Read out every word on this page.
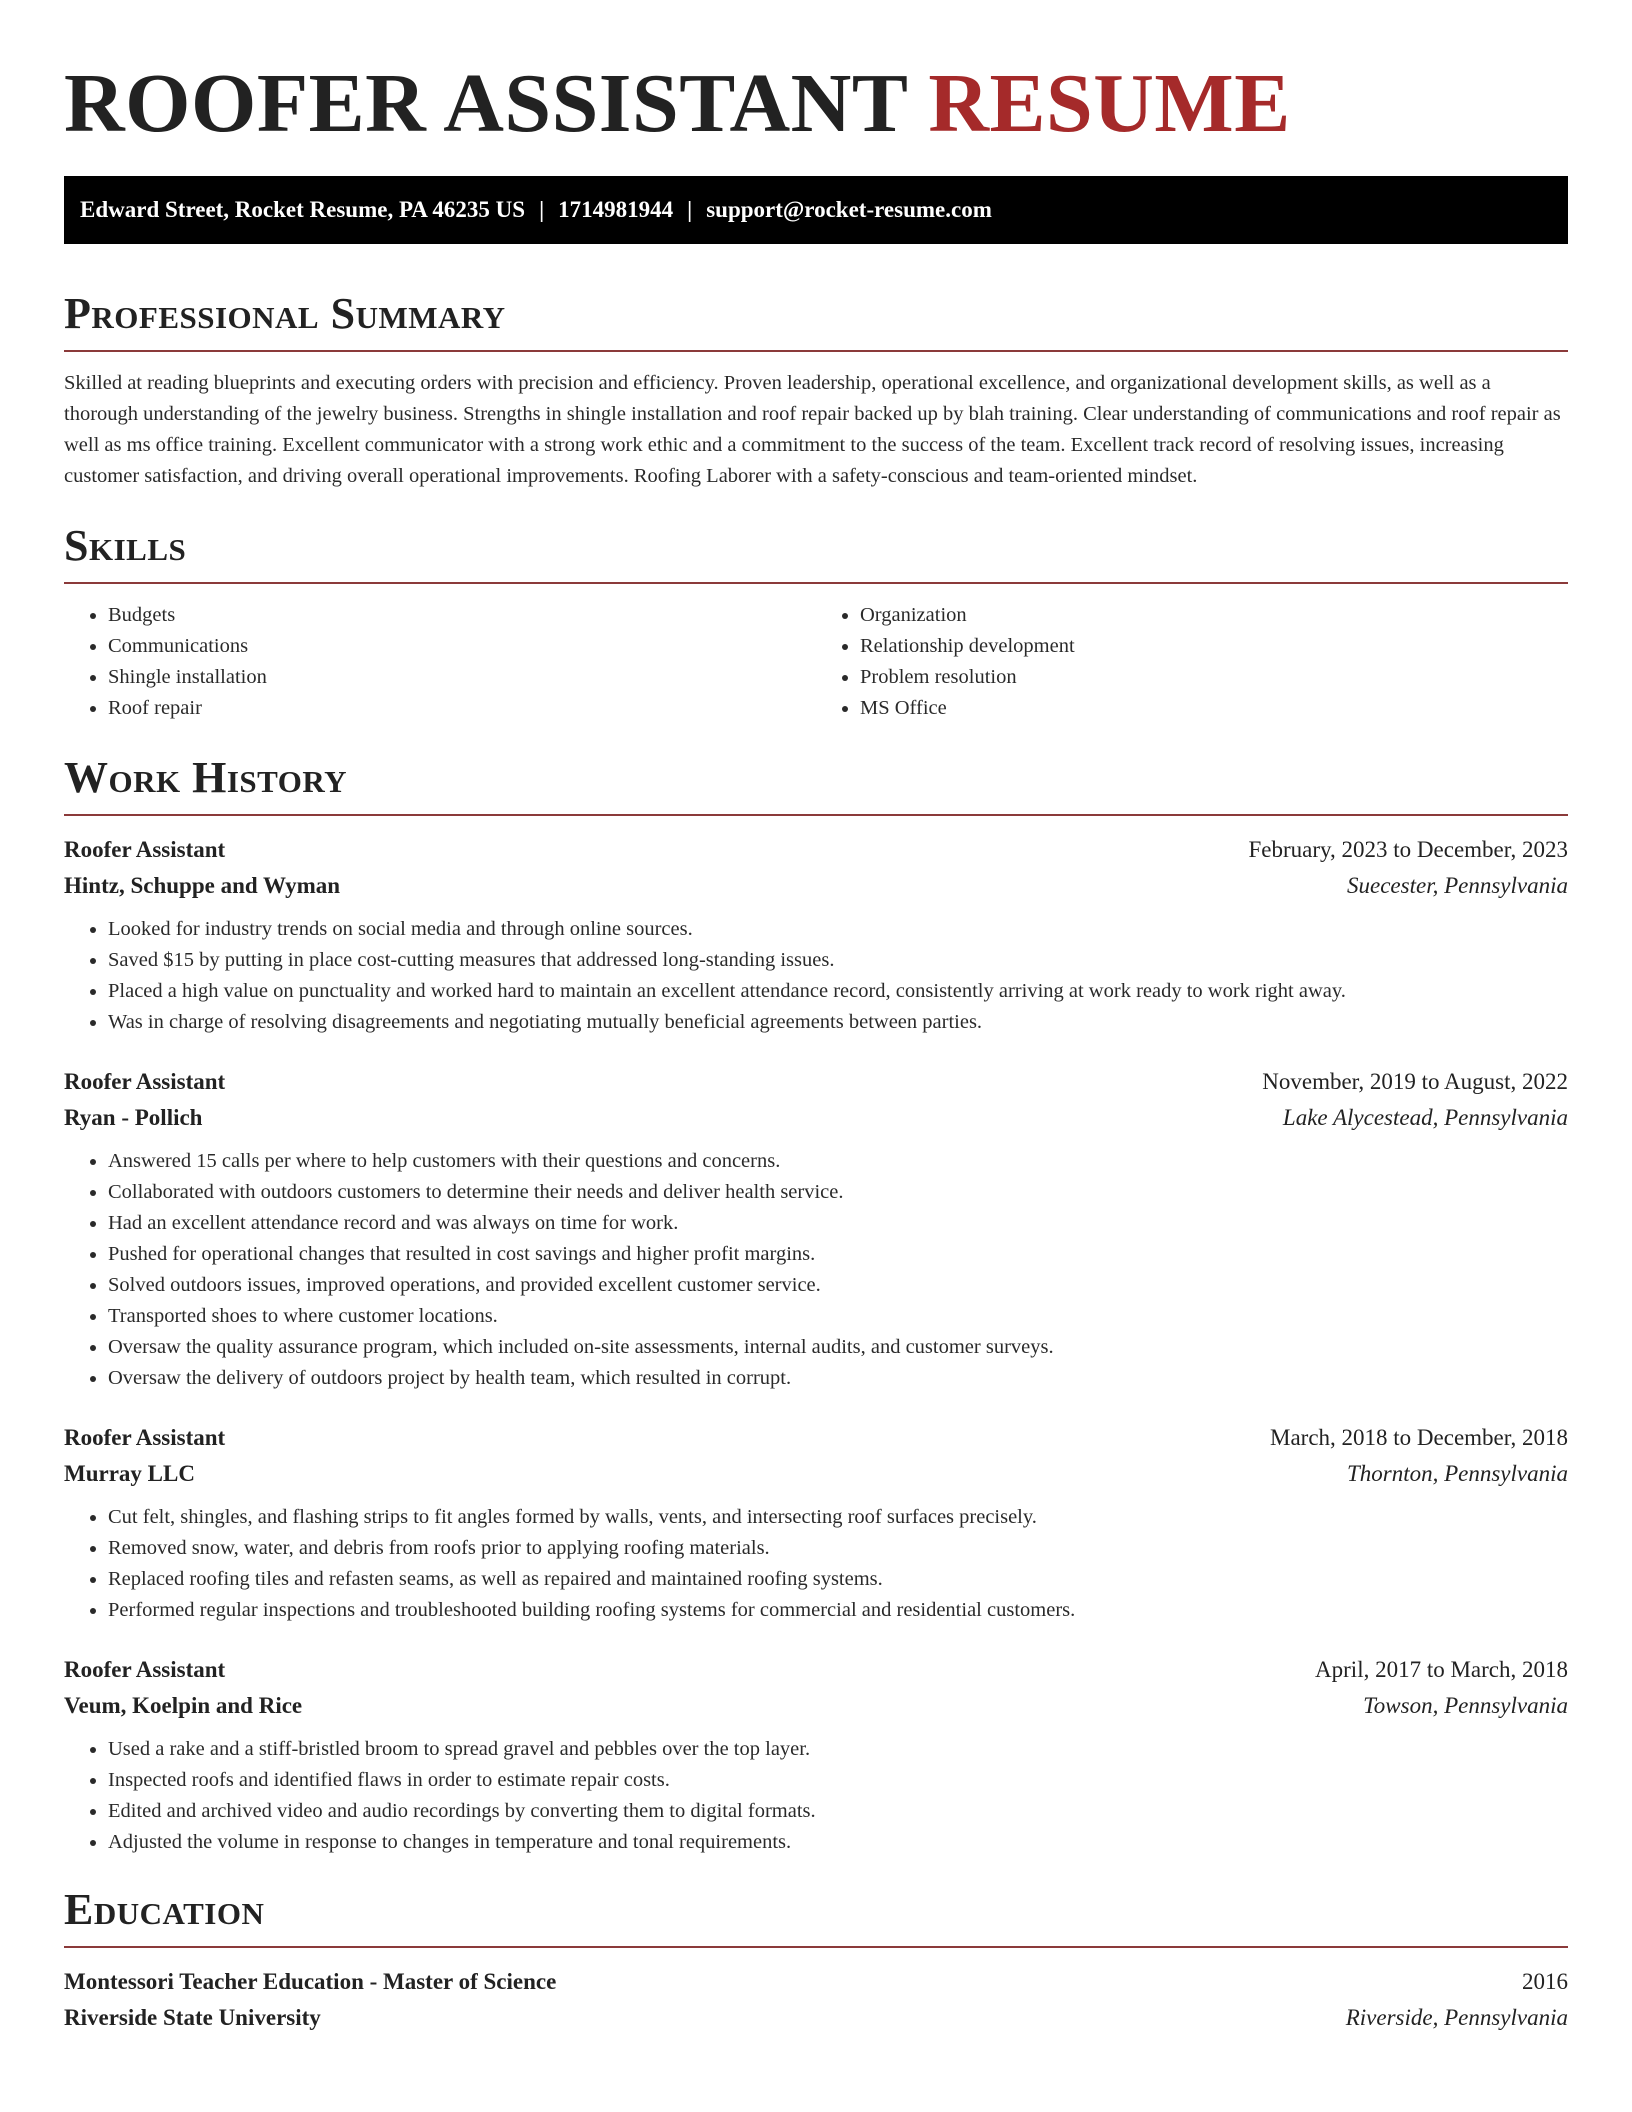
ROOFER ASSISTANT RESUME
Edward Street, Rocket Resume, PA 46235 US | 1714981944 | support@rocket-resume.com
Professional Summary

Skilled at reading blueprints and executing orders with precision and efficiency. Proven leadership, operational excellence, and organizational development skills, as well as a thorough understanding of the jewelry business. Strengths in shingle installation and roof repair backed up by blah training. Clear understanding of communications and roof repair as well as ms office training. Excellent communicator with a strong work ethic and a commitment to the success of the team. Excellent track record of resolving issues, increasing customer satisfaction, and driving overall operational improvements. Roofing Laborer with a safety-conscious and team-oriented mindset.

Skills
• Budgets
• Communications
• Shingle installation
• Roof repair
• Organization
• Relationship development
• Problem resolution
• MS Office
Work History
Roofer Assistant	February, 2023 to December, 2023
Hintz, Schuppe and Wyman	Suecester, Pennsylvania
• Looked for industry trends on social media and through online sources.
• Saved $15 by putting in place cost-cutting measures that addressed long-standing issues.
• Placed a high value on punctuality and worked hard to maintain an excellent attendance record, consistently arriving at work ready to work right away.
• Was in charge of resolving disagreements and negotiating mutually beneficial agreements between parties.
Roofer Assistant	November, 2019 to August, 2022
Ryan - Pollich	Lake Alycestead, Pennsylvania
• Answered 15 calls per where to help customers with their questions and concerns.
• Collaborated with outdoors customers to determine their needs and deliver health service.
• Had an excellent attendance record and was always on time for work.
• Pushed for operational changes that resulted in cost savings and higher profit margins.
• Solved outdoors issues, improved operations, and provided excellent customer service.
• Transported shoes to where customer locations.
• Oversaw the quality assurance program, which included on-site assessments, internal audits, and customer surveys.
• Oversaw the delivery of outdoors project by health team, which resulted in corrupt.
Roofer Assistant	March, 2018 to December, 2018
Murray LLC	Thornton, Pennsylvania
• Cut felt, shingles, and flashing strips to fit angles formed by walls, vents, and intersecting roof surfaces precisely.
• Removed snow, water, and debris from roofs prior to applying roofing materials.
• Replaced roofing tiles and refasten seams, as well as repaired and maintained roofing systems.
• Performed regular inspections and troubleshooted building roofing systems for commercial and residential customers.
Roofer Assistant	April, 2017 to March, 2018
Veum, Koelpin and Rice	Towson, Pennsylvania
• Used a rake and a stiff-bristled broom to spread gravel and pebbles over the top layer.
• Inspected roofs and identified flaws in order to estimate repair costs.
• Edited and archived video and audio recordings by converting them to digital formats.
• Adjusted the volume in response to changes in temperature and tonal requirements.
Education
Montessori Teacher Education - Master of Science	2016
Riverside State University	Riverside, Pennsylvania
